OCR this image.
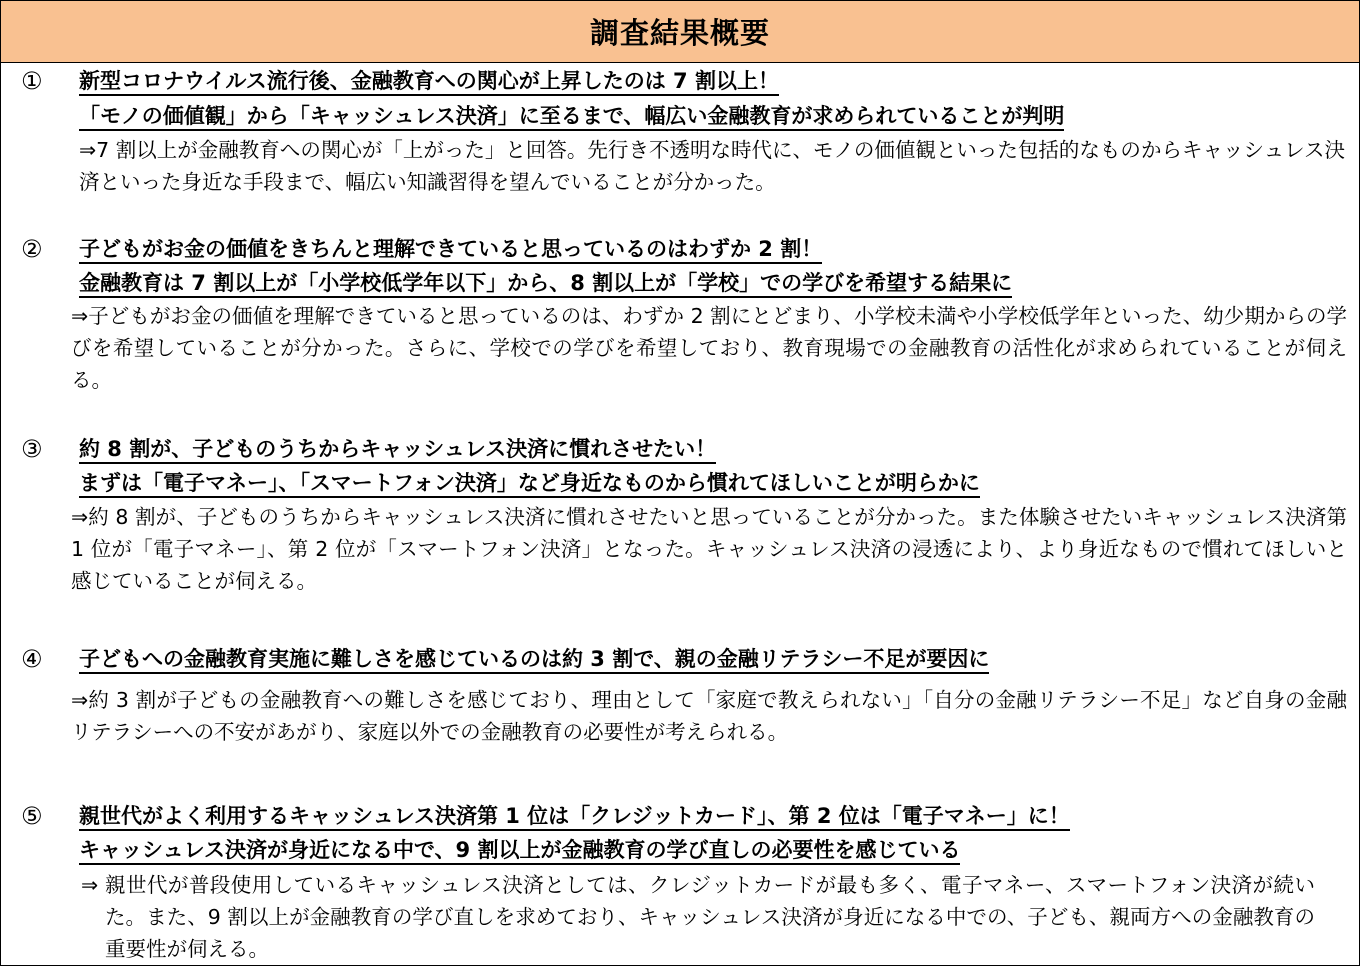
調査結果概要
① 新型コロナウイルス流行後、金融教育への関心が上昇したのは 7 割以上！
「モノの価値観」から「キャッシュレス決済」に至るまで、幅広い金融教育が求められていることが判明
⇒7 割以上が金融教育への関心が「上がった」と回答。先行き不透明な時代に、モノの価値観といった包括的なものからキャッシュレス決済といった身近な手段まで、幅広い知識習得を望んでいることが分かった。
② 子どもがお金の価値をきちんと理解できていると思っているのはわずか 2 割！
金融教育は 7 割以上が「小学校低学年以下」から、8 割以上が「学校」での学びを希望する結果に
⇒子どもがお金の価値を理解できていると思っているのは、わずか 2 割にとどまり、小学校未満や小学校低学年といった、幼少期からの学びを希望していることが分かった。さらに、学校での学びを希望しており、教育現場での金融教育の活性化が求められていることが伺える。
③ 約 8 割が、子どものうちからキャッシュレス決済に慣れさせたい！
まずは「電子マネー」、「スマートフォン決済」など身近なものから慣れてほしいことが明らかに
⇒約 8 割が、子どものうちからキャッシュレス決済に慣れさせたいと思っていることが分かった。また体験させたいキャッシュレス決済第 1 位が「電子マネー」、第 2 位が「スマートフォン決済」となった。キャッシュレス決済の浸透により、より身近なもので慣れてほしいと感じていることが伺える。
④ 子どもへの金融教育実施に難しさを感じているのは約 3 割で、親の金融リテラシー不足が要因に
⇒約 3 割が子どもの金融教育への難しさを感じており、理由として「家庭で教えられない」「自分の金融リテラシー不足」など自身の金融リテラシーへの不安があがり、家庭以外での金融教育の必要性が考えられる。
⑤ 親世代がよく利用するキャッシュレス決済第 1 位は「クレジットカード」、第 2 位は「電子マネー」に！
キャッシュレス決済が身近になる中で、9 割以上が金融教育の学び直しの必要性を感じている
⇒ 親世代が普段使用しているキャッシュレス決済としては、クレジットカードが最も多く、電子マネー、スマートフォン決済が続いた。また、9 割以上が金融教育の学び直しを求めており、キャッシュレス決済が身近になる中での、子ども、親両方への金融教育の重要性が伺える。
